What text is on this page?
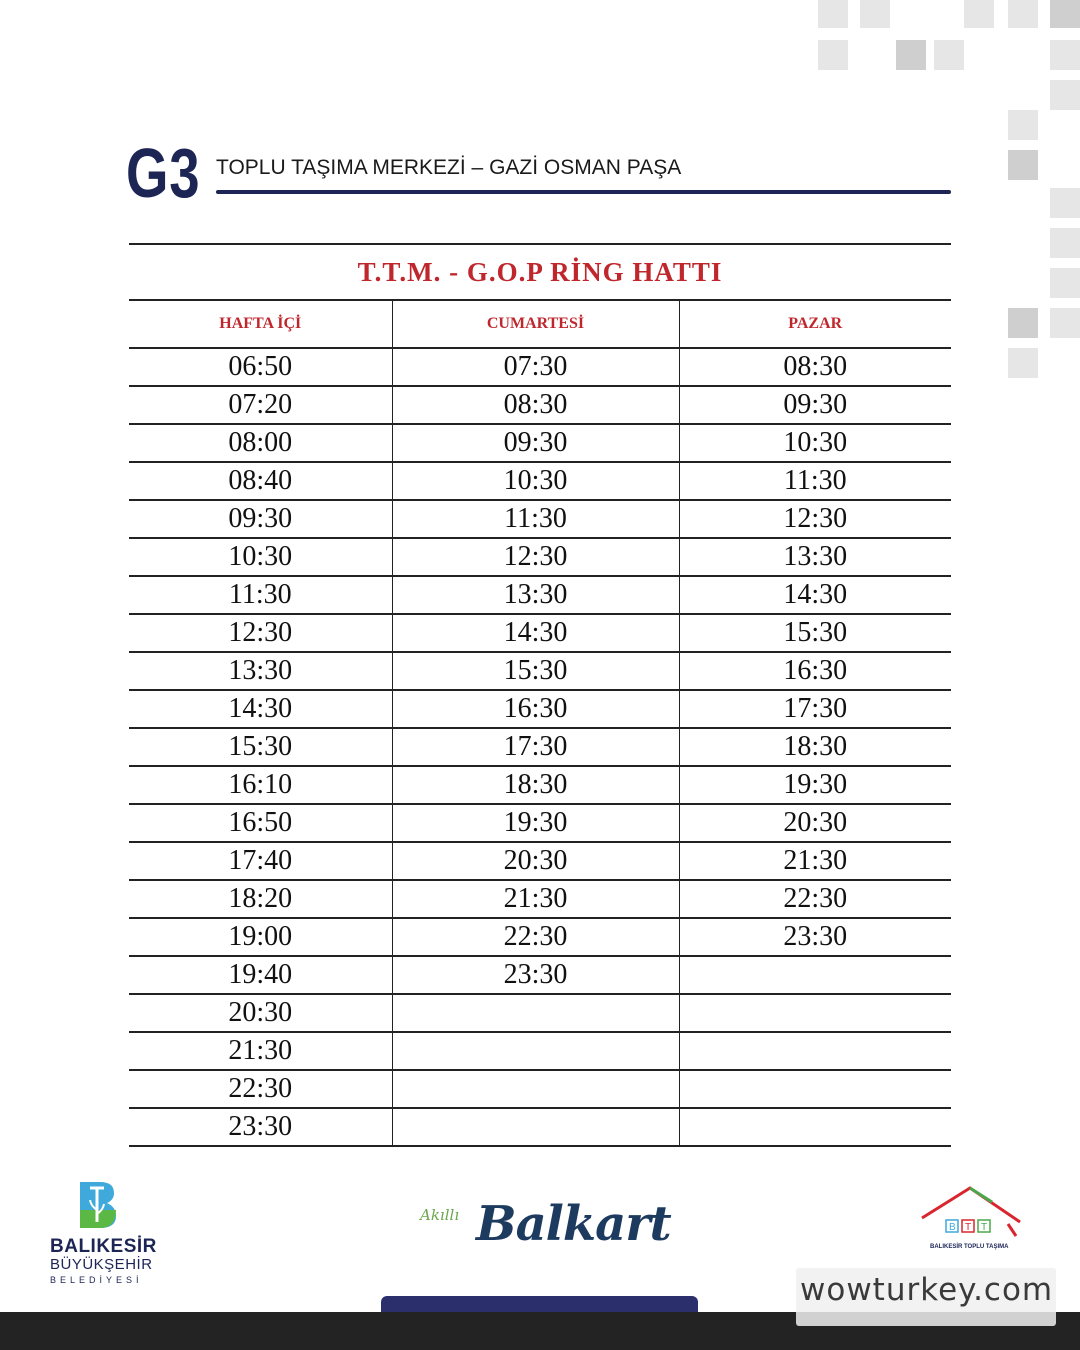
G3 TOPLU TAŞIMA MERKEZİ – GAZİ OSMAN PAŞA
T.T.M. - G.O.P RİNG HATTI
HAFTA İÇİ	CUMARTESİ	PAZAR
06:50	07:30	08:30
07:20	08:30	09:30
08:00	09:30	10:30
08:40	10:30	11:30
09:30	11:30	12:30
10:30	12:30	13:30
11:30	13:30	14:30
12:30	14:30	15:30
13:30	15:30	16:30
14:30	16:30	17:30
15:30	17:30	18:30
16:10	18:30	19:30
16:50	19:30	20:30
17:40	20:30	21:30
18:20	21:30	22:30
19:00	22:30	23:30
19:40	23:30	
20:30		
21:30		
22:30		
23:30		
BALIKESİR
BÜYÜKŞEHİR
BELEDİYESİ
Akıllı Balkart	B T T
BALIKESİR TOPLU TAŞIMA
wowturkey.com
